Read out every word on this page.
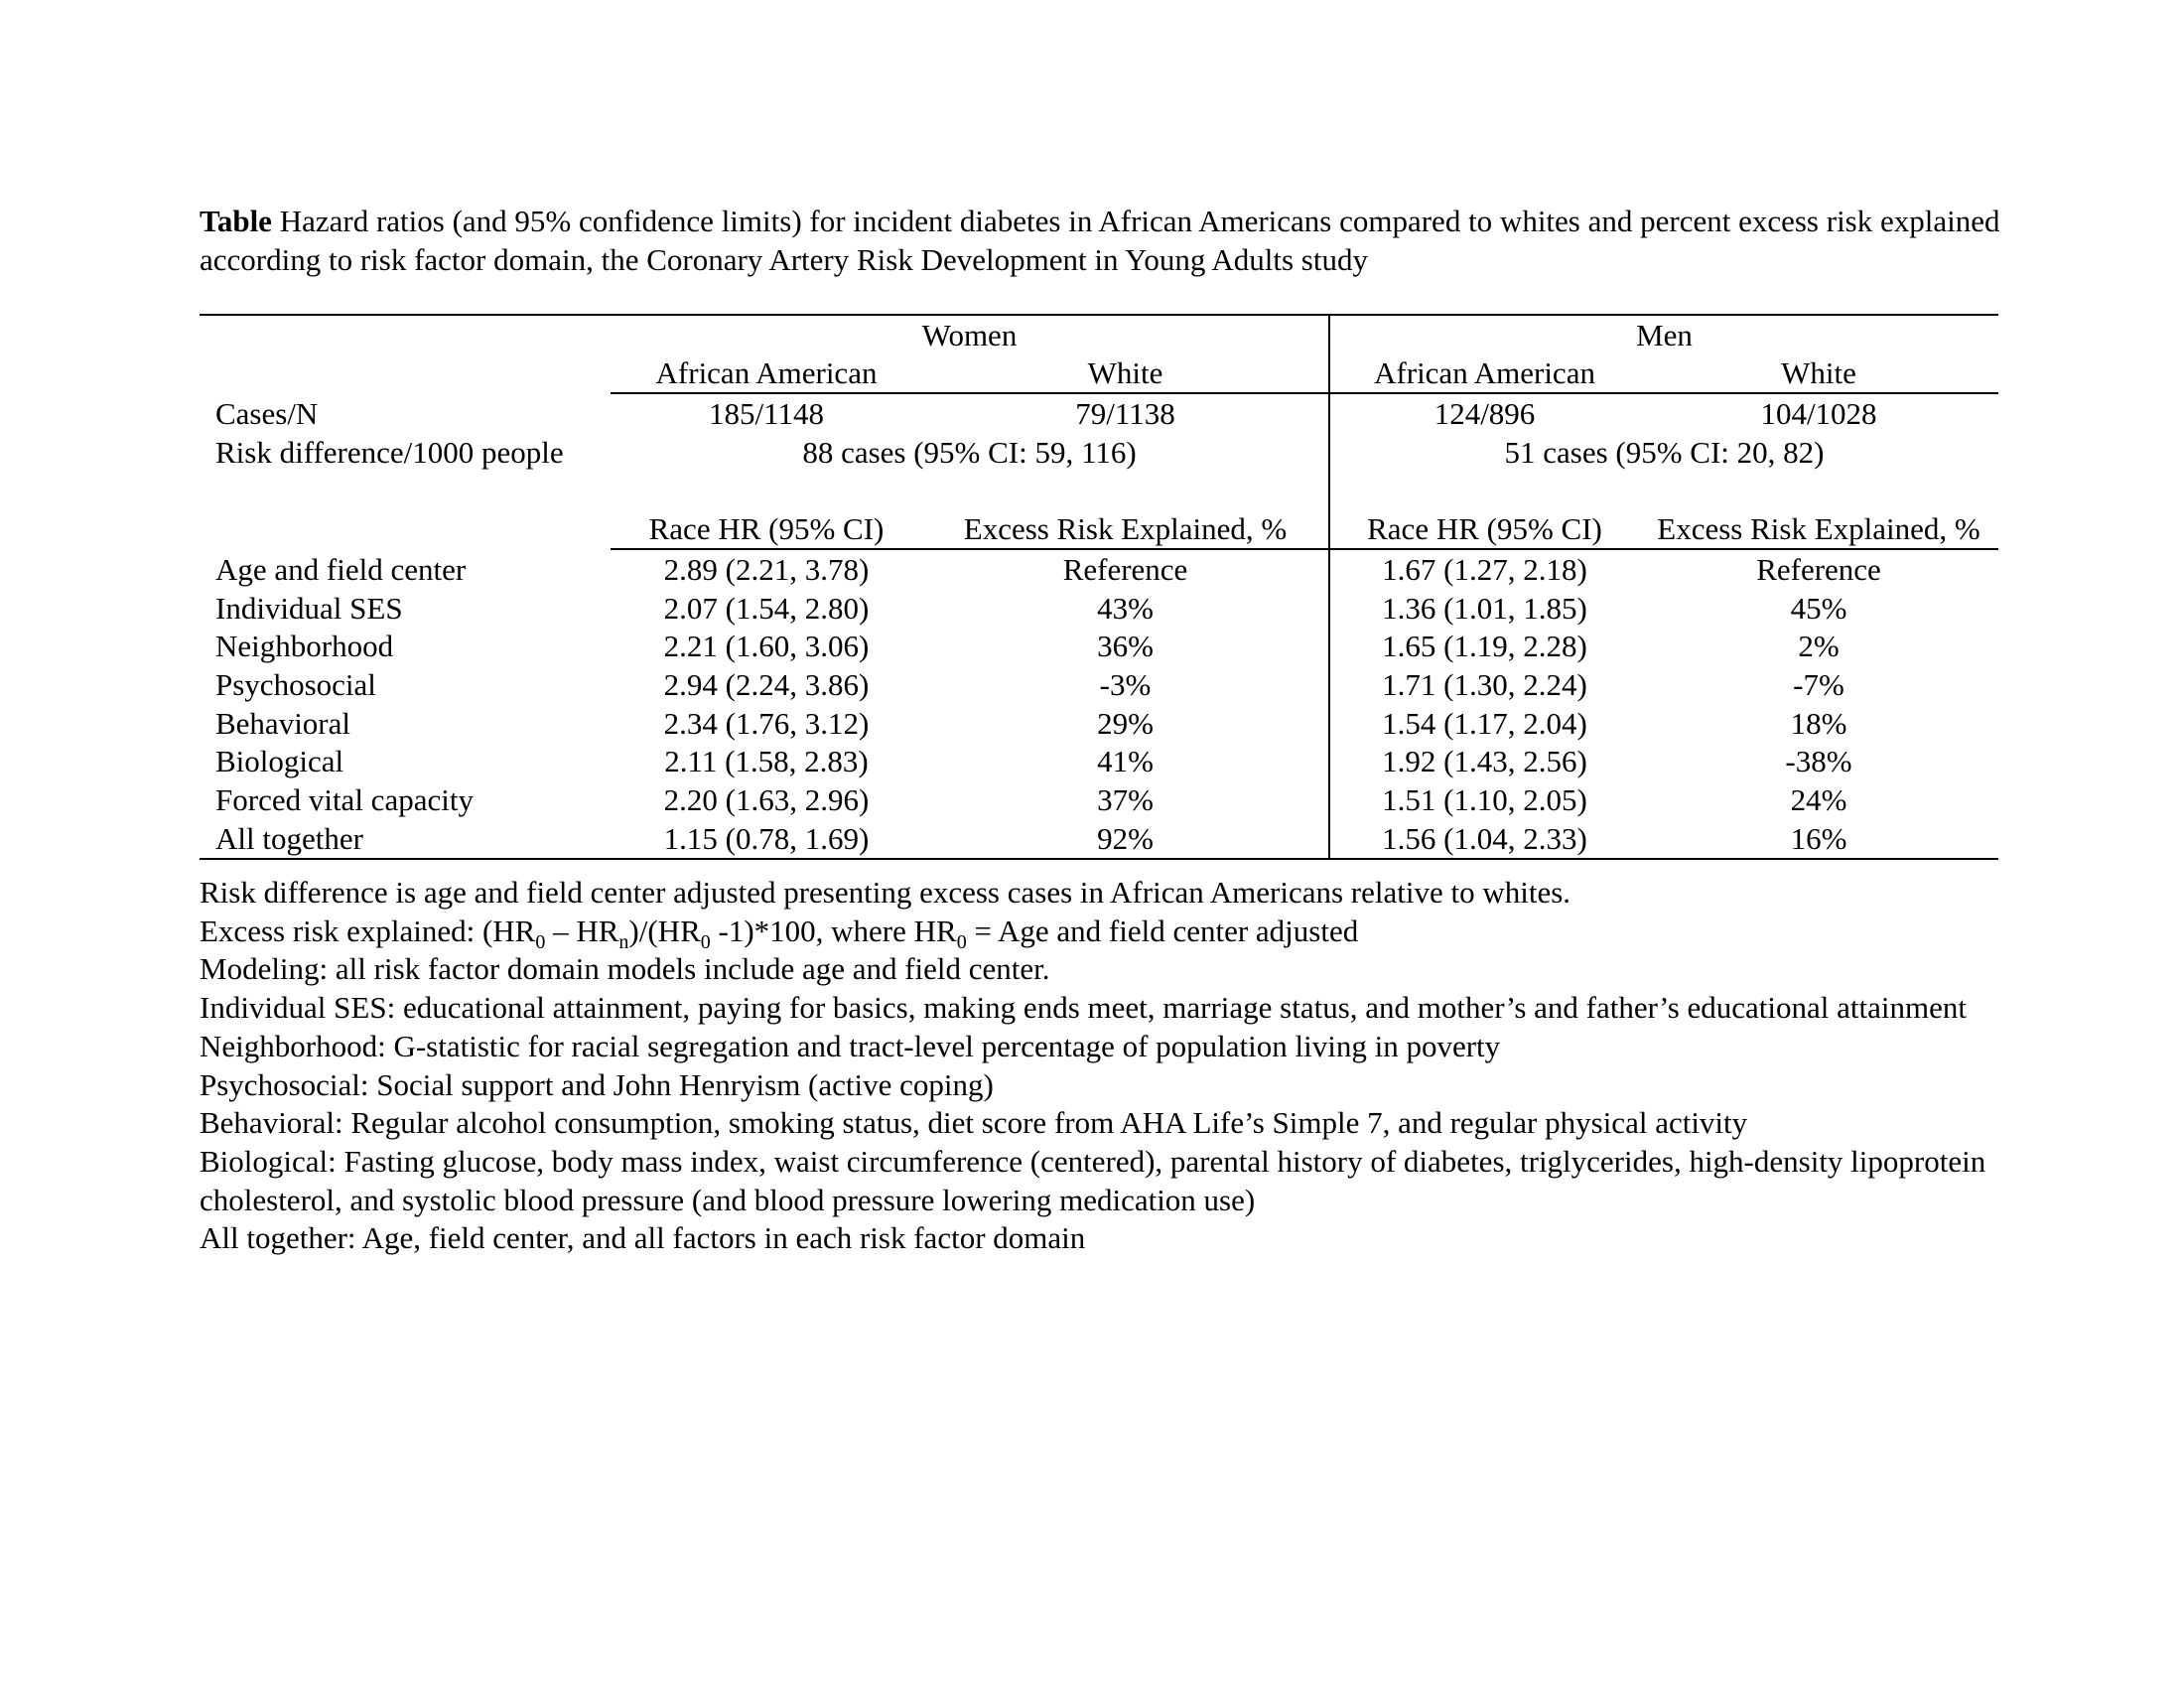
Table Hazard ratios (and 95% confidence limits) for incident diabetes in African Americans compared to whites and percent excess risk explained according to risk factor domain, the Coronary Artery Risk Development in Young Adults study
	Women		Men	
	African American	White	African American	White
Cases/N	185/1148	79/1138	124/896	104/1028
Risk difference/1000 people	88 cases (95% CI: 59, 116)		51 cases (95% CI: 20, 82)	

	Race HR (95% CI)	Excess Risk Explained, %	Race HR (95% CI)	Excess Risk Explained, %
Age and field center	2.89 (2.21, 3.78)	Reference	1.67 (1.27, 2.18)	Reference
Individual SES	2.07 (1.54, 2.80)	43%	1.36 (1.01, 1.85)	45%
Neighborhood	2.21 (1.60, 3.06)	36%	1.65 (1.19, 2.28)	2%
Psychosocial	2.94 (2.24, 3.86)	-3%	1.71 (1.30, 2.24)	-7%
Behavioral	2.34 (1.76, 3.12)	29%	1.54 (1.17, 2.04)	18%
Biological	2.11 (1.58, 2.83)	41%	1.92 (1.43, 2.56)	-38%
Forced vital capacity	2.20 (1.63, 2.96)	37%	1.51 (1.10, 2.05)	24%
All together	1.15 (0.78, 1.69)	92%	1.56 (1.04, 2.33)	16%

Risk difference is age and field center adjusted presenting excess cases in African Americans relative to whites.

Excess risk explained: $(HR_0 - HR_n)/(HR_0$ -1)*100, where $HR_0$ = Age and field center adjusted

Modeling: all risk factor domain models include age and field center.

Individual SES: educational attainment, paying for basics, making ends meet, marriage status, and mother’s and father’s educational attainment

Neighborhood: G-statistic for racial segregation and tract-level percentage of population living in poverty

Psychosocial: Social support and John Henryism (active coping)

Behavioral: Regular alcohol consumption, smoking status, diet score from AHA Life’s Simple 7, and regular physical activity

Biological: Fasting glucose, body mass index, waist circumference (centered), parental history of diabetes, triglycerides, high-density lipoprotein cholesterol, and systolic blood pressure (and blood pressure lowering medication use)

All together: Age, field center, and all factors in each risk factor domain
